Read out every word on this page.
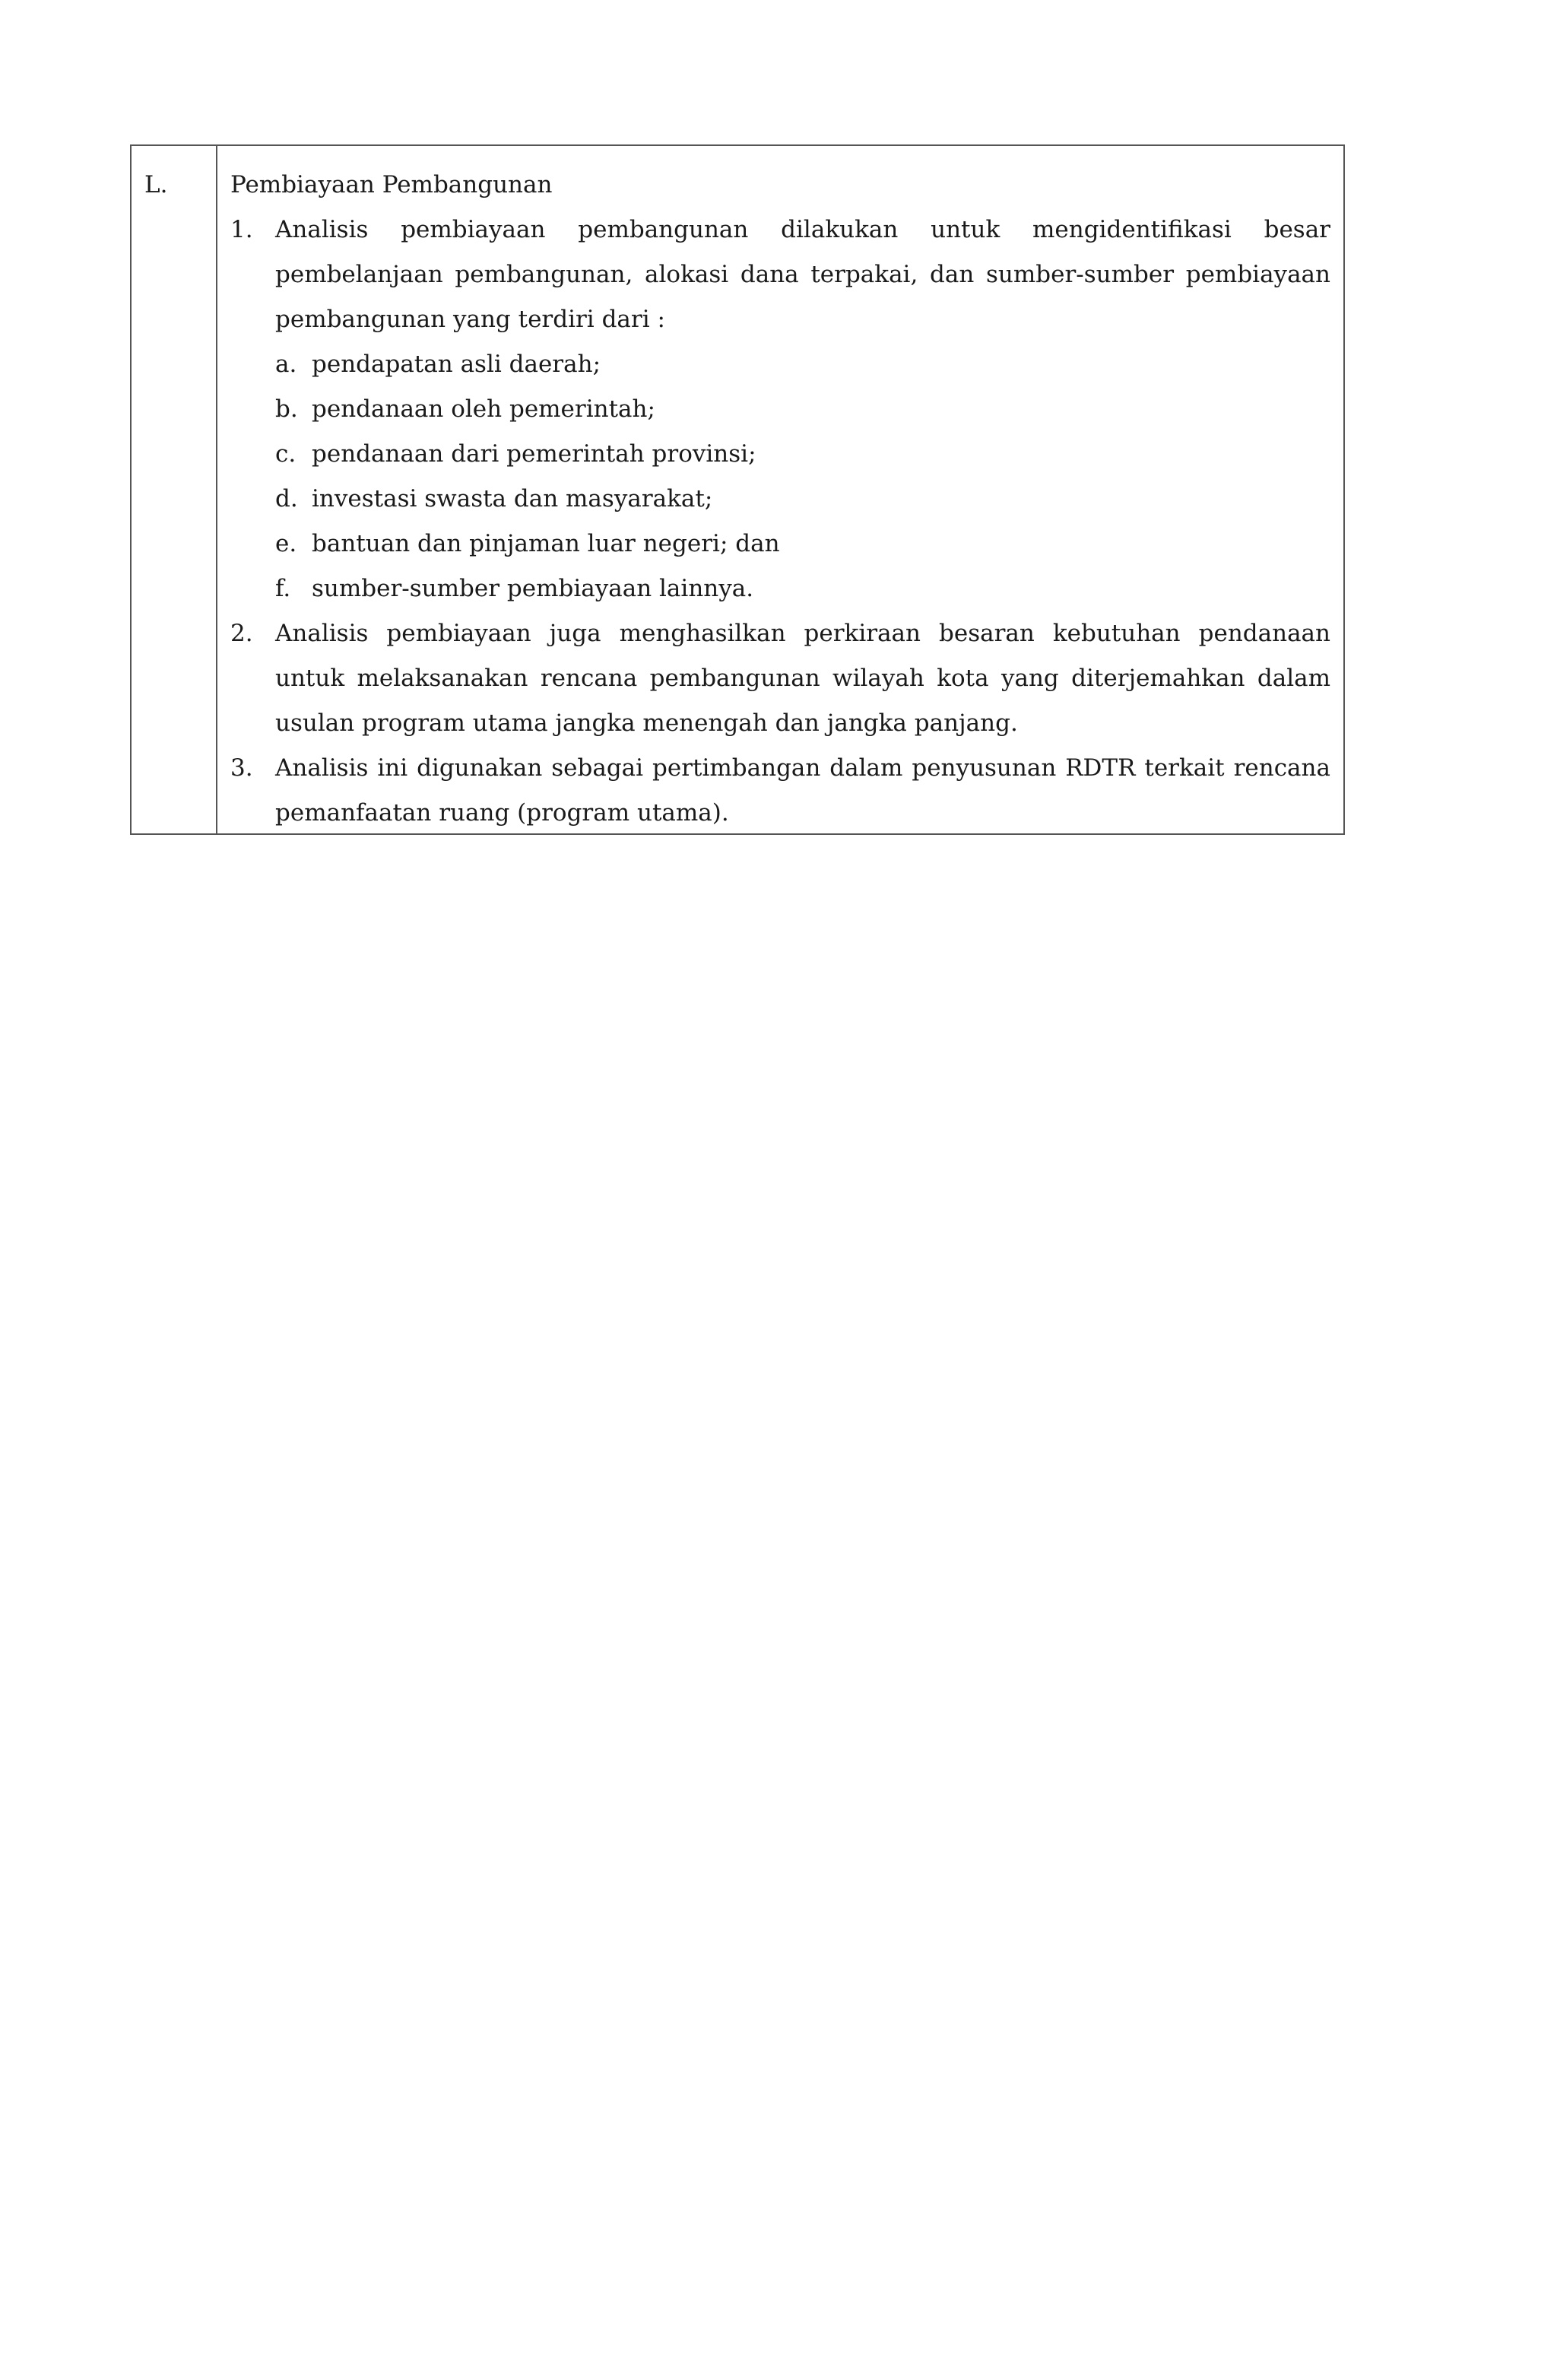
L.	Pembiayaan Pembangunan
1. Analisis pembiayaan pembangunan dilakukan untuk mengidentifikasi besar pembelanjaan pembangunan, alokasi dana terpakai, dan sumber-sumber pembiayaan pembangunan yang terdiri dari :
a. pendapatan asli daerah;
b. pendanaan oleh pemerintah;
c. pendanaan dari pemerintah provinsi;
d. investasi swasta dan masyarakat;
e. bantuan dan pinjaman luar negeri; dan
f. sumber-sumber pembiayaan lainnya.
2. Analisis pembiayaan juga menghasilkan perkiraan besaran kebutuhan pendanaan untuk melaksanakan rencana pembangunan wilayah kota yang diterjemahkan dalam usulan program utama jangka menengah dan jangka panjang.
3. Analisis ini digunakan sebagai pertimbangan dalam penyusunan RDTR terkait rencana pemanfaatan ruang (program utama).
